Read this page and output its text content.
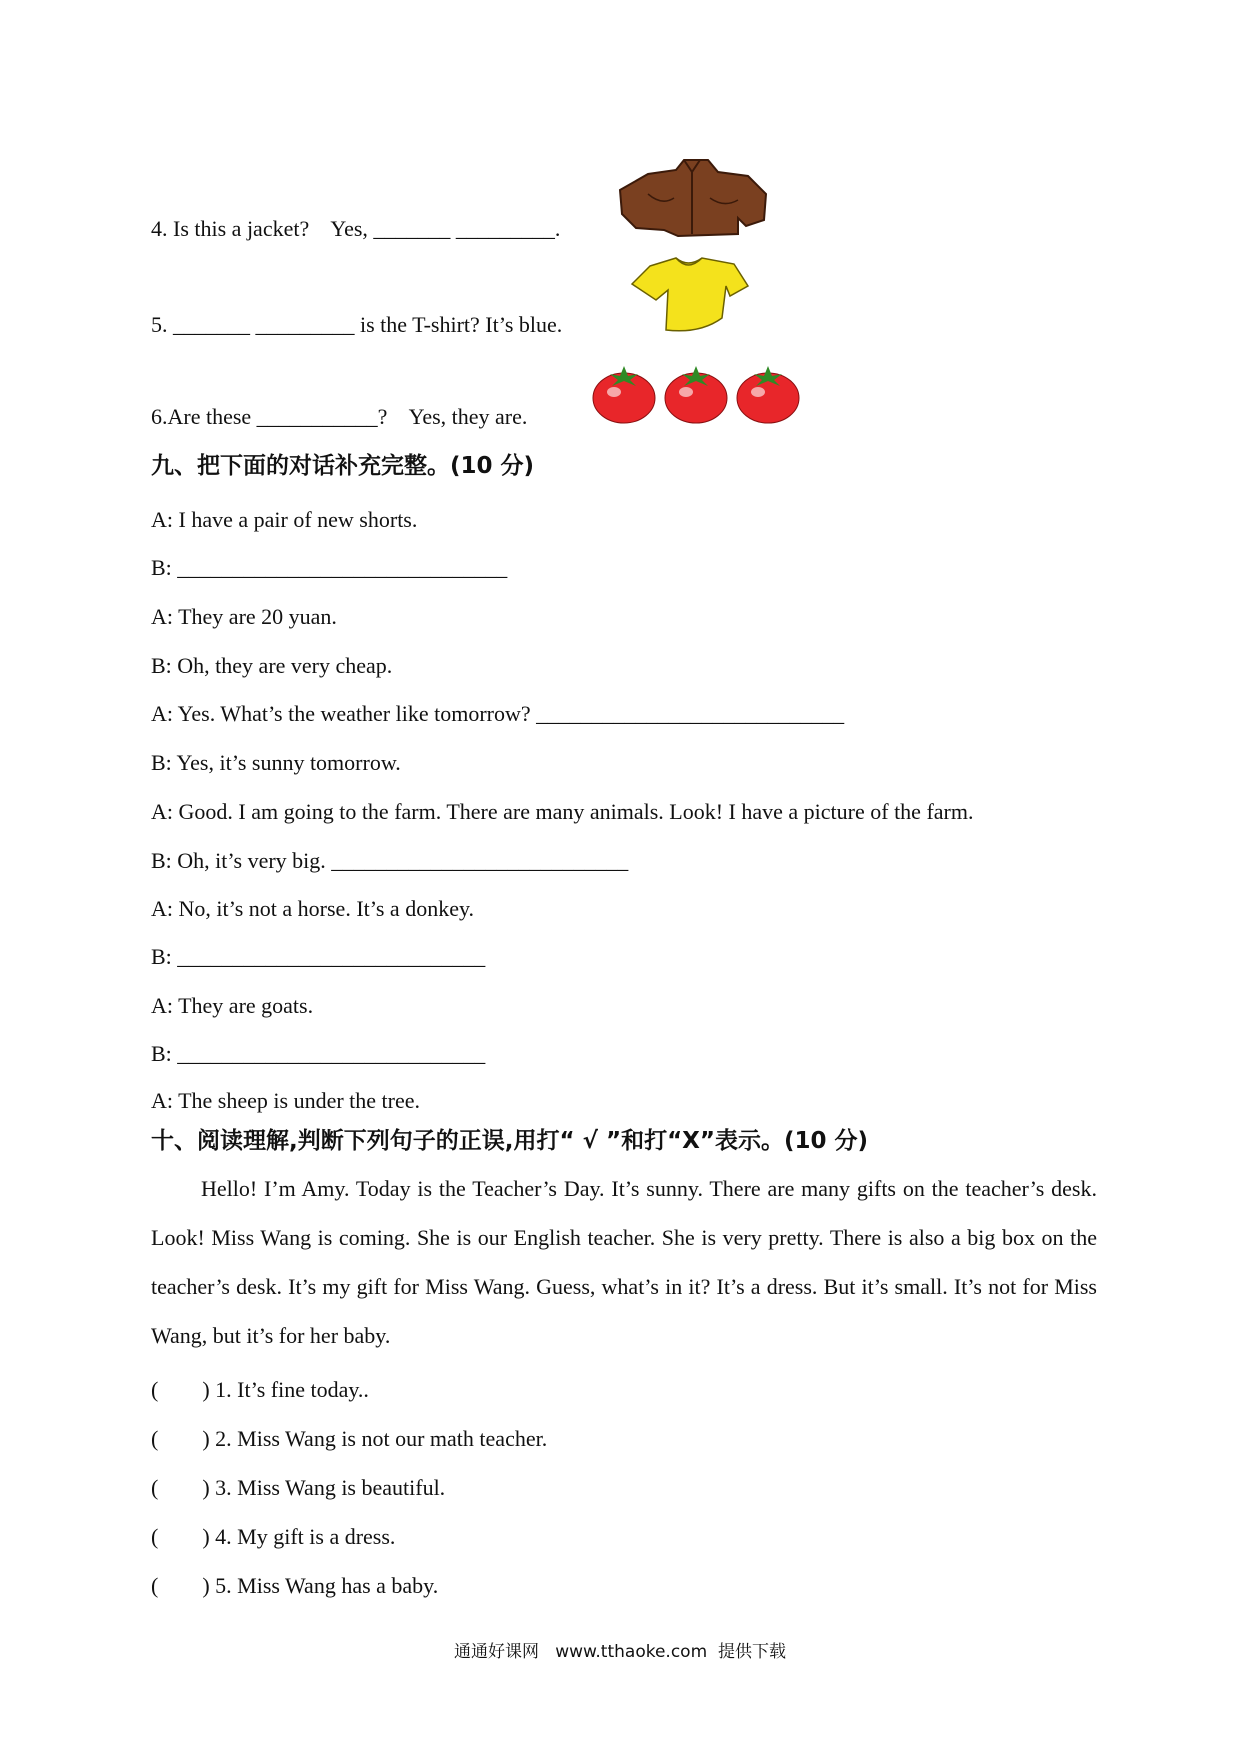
4. Is this a jacket?    Yes, _______ _________.
5. _______ _________ is the T-shirt? It’s blue.
6.Are these ___________?    Yes, they are.
九、把下面的对话补充完整。(10 分)
A: I have a pair of new shorts.
B: ______________________________
A: They are 20 yuan.
B: Oh, they are very cheap.
A: Yes. What’s the weather like tomorrow? ____________________________
B: Yes, it’s sunny tomorrow.
A: Good. I am going to the farm. There are many animals. Look! I have a picture of the farm.
B: Oh, it’s very big. ___________________________
A: No, it’s not a horse. It’s a donkey.
B: ____________________________
A: They are goats.
B: ____________________________
A: The sheep is under the tree.
十、阅读理解,判断下列句子的正误,用打“ √ ”和打“X”表示。(10 分)
Hello! I’m Amy. Today is the Teacher’s Day. It’s sunny. There are many gifts on the teacher’s desk. Look! Miss Wang is coming. She is our English teacher. She is very pretty. There is also a big box on the teacher’s desk. It’s my gift for Miss Wang. Guess, what’s in it? It’s a dress. But it’s small. It’s not for Miss Wang, but it’s for her baby.
(        ) 1. It’s fine today..
(        ) 2. Miss Wang is not our math teacher.
(        ) 3. Miss Wang is beautiful.
(        ) 4. My gift is a dress.
(        ) 5. Miss Wang has a baby.
通通好课网   www.tthaoke.com  提供下载
